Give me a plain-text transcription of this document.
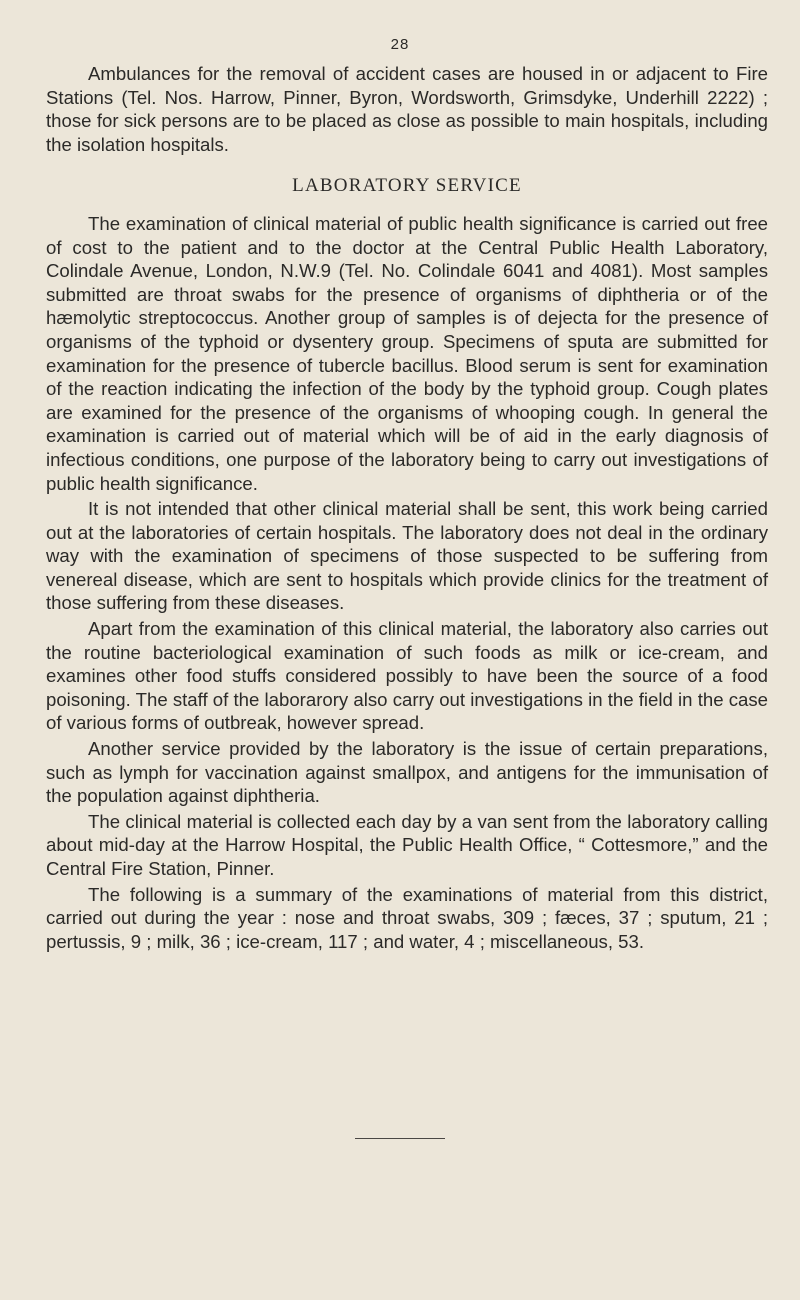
28

Ambulances for the removal of accident cases are housed in or adjacent to Fire Stations (Tel. Nos. Harrow, Pinner, Byron, Wordsworth, Grimsdyke, Underhill 2222) ; those for sick persons are to be placed as close as possible to main hospitals, including the isolation hospitals.

LABORATORY SERVICE

The examination of clinical material of public health significance is carried out free of cost to the patient and to the doctor at the Central Public Health Laboratory, Colindale Avenue, London, N.W.9 (Tel. No. Colindale 6041 and 4081). Most samples submitted are throat swabs for the presence of organisms of diphtheria or of the hæmolytic streptococcus. Another group of samples is of dejecta for the presence of organisms of the typhoid or dysentery group. Specimens of sputa are submitted for examination for the presence of tubercle bacillus. Blood serum is sent for examination of the reaction indicating the infection of the body by the typhoid group. Cough plates are examined for the presence of the organisms of whooping cough. In general the examination is carried out of material which will be of aid in the early diagnosis of infectious conditions, one purpose of the laboratory being to carry out investigations of public health significance.

It is not intended that other clinical material shall be sent, this work being carried out at the laboratories of certain hospitals. The laboratory does not deal in the ordinary way with the examination of specimens of those suspected to be suffering from venereal disease, which are sent to hospitals which provide clinics for the treatment of those suffering from these diseases.

Apart from the examination of this clinical material, the laboratory also carries out the routine bacteriological examination of such foods as milk or ice-cream, and examines other food stuffs considered possibly to have been the source of a food poisoning. The staff of the laborarory also carry out investigations in the field in the case of various forms of outbreak, however spread.

Another service provided by the laboratory is the issue of certain preparations, such as lymph for vaccination against smallpox, and antigens for the immunisation of the population against diphtheria.

The clinical material is collected each day by a van sent from the laboratory calling about mid-day at the Harrow Hospital, the Public Health Office, “ Cottesmore,” and the Central Fire Station, Pinner.

The following is a summary of the examinations of material from this district, carried out during the year : nose and throat swabs, 309 ; fæces, 37 ; sputum, 21 ; pertussis, 9 ; milk, 36 ; ice-cream, 117 ; and water, 4 ; miscellaneous, 53.
